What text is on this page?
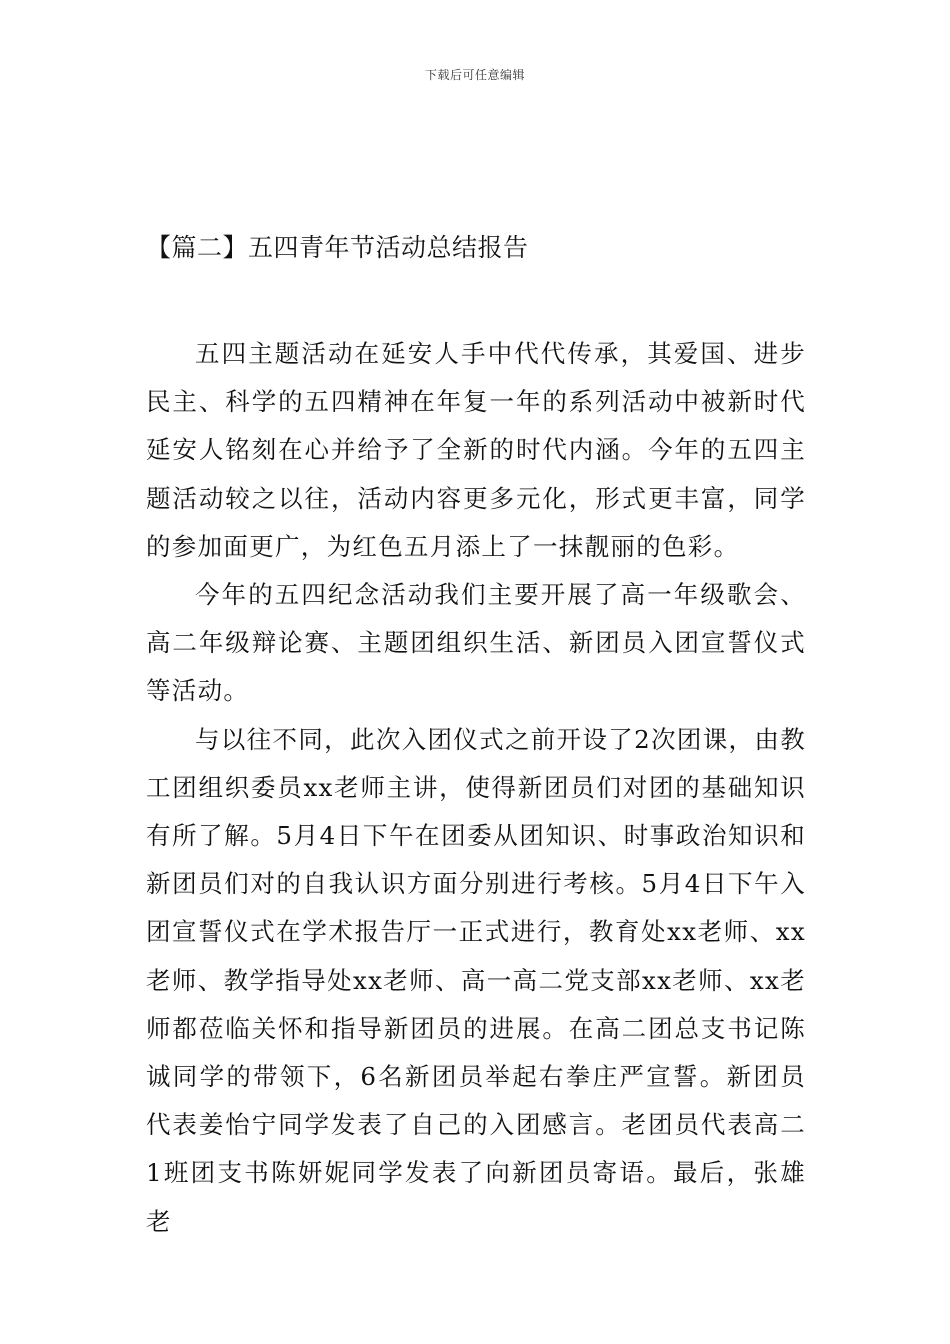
下载后可任意编辑
【篇二】五四青年节活动总结报告

五四主题活动在延安人手中代代传承，其爱国、进步民主、科学的五四精神在年复一年的系列活动中被新时代延安人铭刻在心并给予了全新的时代内涵。今年的五四主题活动较之以往，活动内容更多元化，形式更丰富，同学的参加面更广，为红色五月添上了一抹靓丽的色彩。

今年的五四纪念活动我们主要开展了高一年级歌会、高二年级辩论赛、主题团组织生活、新团员入团宣誓仪式等活动。

与以往不同，此次入团仪式之前开设了2次团课，由教工团组织委员xx老师主讲，使得新团员们对团的基础知识有所了解。5月4日下午在团委从团知识、时事政治知识和新团员们对的自我认识方面分别进行考核。5月4日下午入团宣誓仪式在学术报告厅一正式进行，教育处xx老师、xx老师、教学指导处xx老师、高一高二党支部xx老师、xx老师都莅临关怀和指导新团员的进展。在高二团总支书记陈诚同学的带领下，6名新团员举起右拳庄严宣誓。新团员代表姜怡宁同学发表了自己的入团感言。老团员代表高二1班团支书陈妍妮同学发表了向新团员寄语。最后，张雄老
